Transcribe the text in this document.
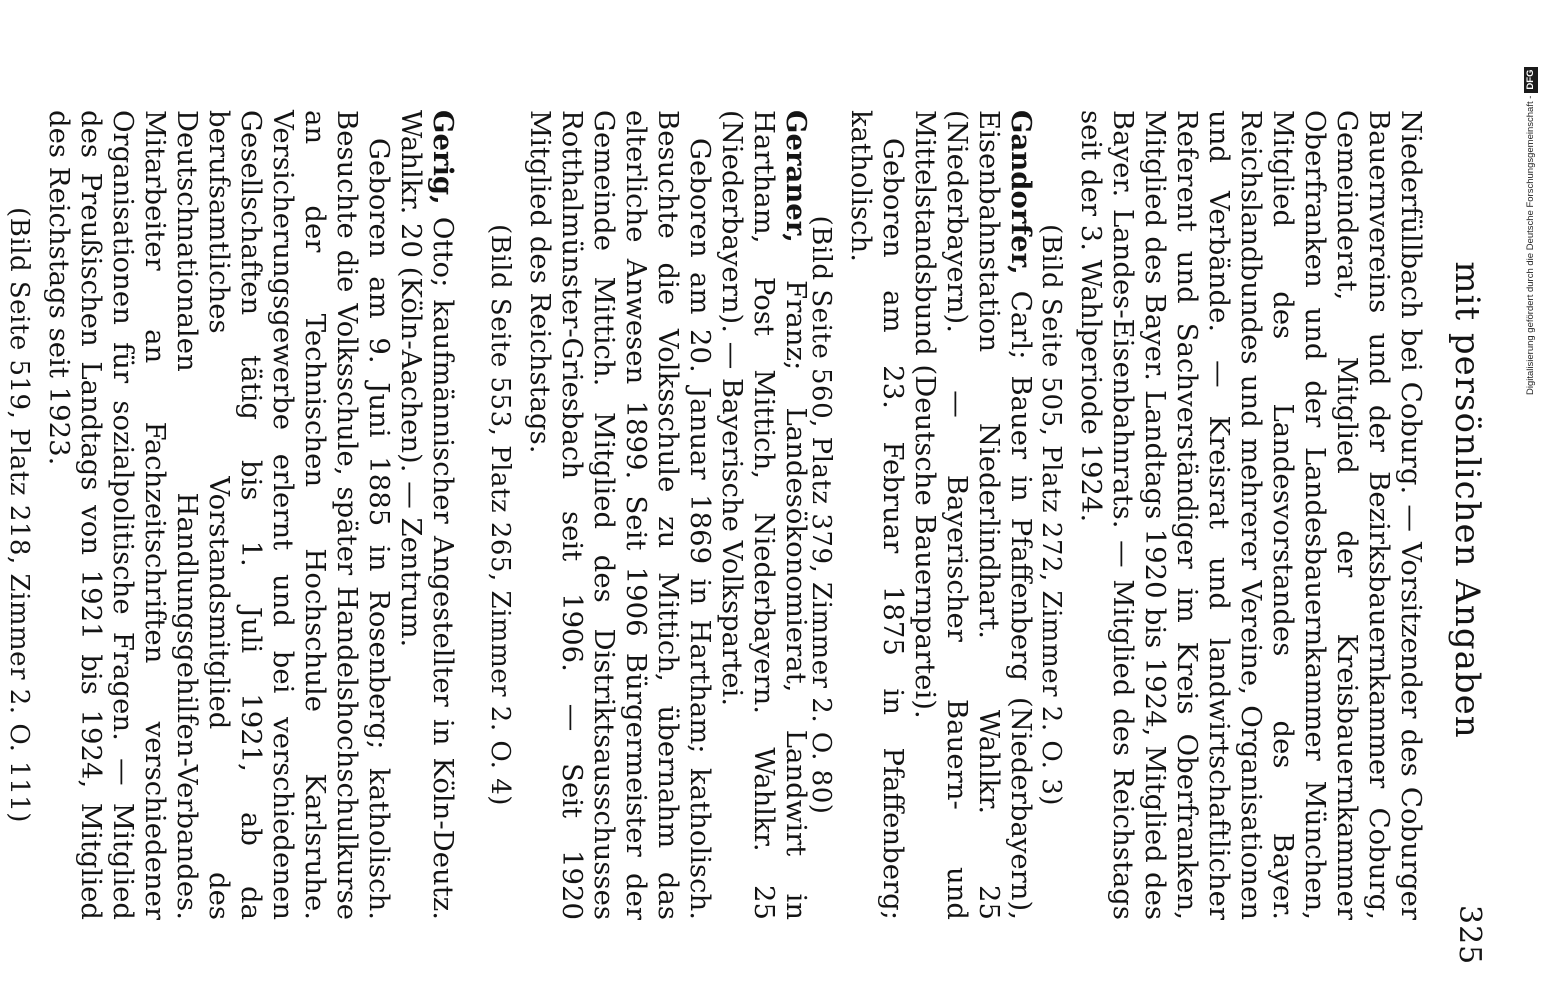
325
mit persönlichen Angaben

Niederfüllbach bei Coburg. — Vorsitzender des Coburger Bauernvereins und der Bezirksbauernkammer Coburg, Gemeinderat, Mitglied der Kreisbauernkammer Oberfranken und der Landesbauernkammer München, Mitglied des Landesvorstandes des Bayer. Reichslandbundes und mehrerer Vereine, Organisationen und Verbände. — Kreisrat und landwirtschaftlicher Referent und Sachverständiger im Kreis Oberfranken, Mitglied des Bayer. Landtags 1920 bis 1924, Mitglied des Bayer. Landes-Eisenbahnrats. — Mitglied des Reichstags seit der 3. Wahlperiode 1924.

(Bild Seite 505, Platz 272, Zimmer 2. O. 3)

Gandorfer, Carl; Bauer in Pfaffenberg (Niederbayern), Eisenbahnstation Niederlindhart. Wahlkr. 25 (Niederbayern). — Bayerischer Bauern- und Mittelstandsbund (Deutsche Bauernpartei).

Geboren am 23. Februar 1875 in Pfaffenberg; katholisch.

(Bild Seite 560, Platz 379, Zimmer 2. O. 80)

Geraner, Franz; Landesökonomierat, Landwirt in Hartham, Post Mittich, Niederbayern. Wahlkr. 25 (Niederbayern). — Bayerische Volkspartei.

Geboren am 20. Januar 1869 in Hartham; katholisch. Besuchte die Volksschule zu Mittich, übernahm das elterliche Anwesen 1899. Seit 1906 Bürgermeister der Gemeinde Mittich. Mitglied des Distriktsausschusses Rotthalmünster-Griesbach seit 1906. — Seit 1920 Mitglied des Reichstags.

(Bild Seite 553, Platz 265, Zimmer 2. O. 4)

Gerig, Otto; kaufmännischer Angestellter in Köln-Deutz. Wahlkr. 20 (Köln-Aachen). — Zentrum.

Geboren am 9. Juni 1885 in Rosenberg; katholisch. Besuchte die Volksschule, später Handelshochschulkurse an der Technischen Hochschule Karlsruhe. Versicherungsgewerbe erlernt und bei verschiedenen Gesellschaften tätig bis 1. Juli 1921, ab da berufsamtliches Vorstandsmitglied des Deutschnationalen Handlungsgehilfen-Verbandes. Mitarbeiter an Fachzeitschriften verschiedener Organisationen für sozialpolitische Fragen. — Mitglied des Preußischen Landtags von 1921 bis 1924, Mitglied des Reichstags seit 1923.

(Bild Seite 519, Platz 218, Zimmer 2. O. 111)	Digitalisierung gefördert durch die Deutsche Forschungsgemeinschaft -DFG
